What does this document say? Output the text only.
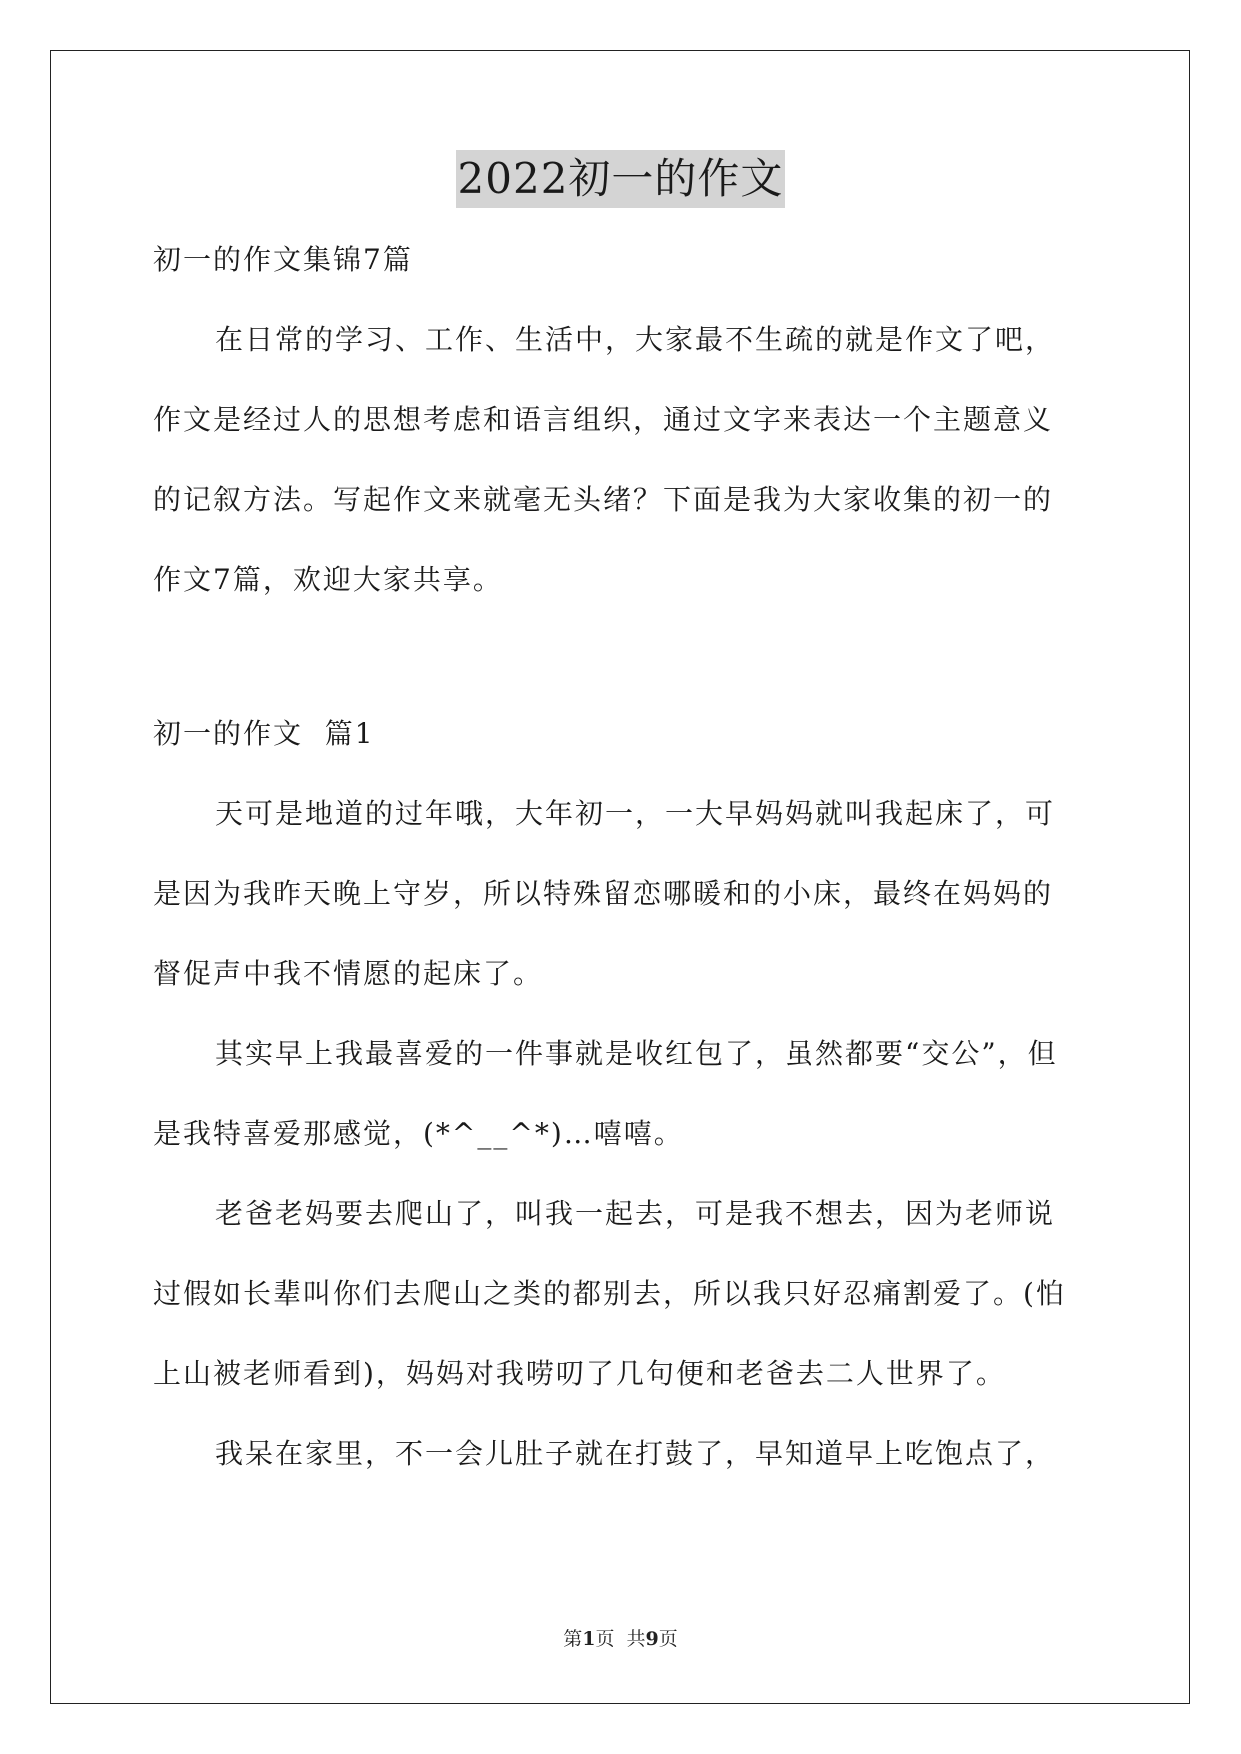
2022初一的作文
初一的作文集锦7篇
在日常的学习、工作、生活中，大家最不生疏的就是作文了吧，
作文是经过人的思想考虑和语言组织，通过文字来表达一个主题意义
的记叙方法。写起作文来就毫无头绪？下面是我为大家收集的初一的
作文7篇，欢迎大家共享。
初一的作文  篇1
天可是地道的过年哦，大年初一，一大早妈妈就叫我起床了，可
是因为我昨天晚上守岁，所以特殊留恋哪暖和的小床，最终在妈妈的
督促声中我不情愿的起床了。
其实早上我最喜爱的一件事就是收红包了，虽然都要“交公”，但
是我特喜爱那感觉，(*^__^*)…嘻嘻。
老爸老妈要去爬山了，叫我一起去，可是我不想去，因为老师说
过假如长辈叫你们去爬山之类的都别去，所以我只好忍痛割爱了。(怕
上山被老师看到)，妈妈对我唠叨了几句便和老爸去二人世界了。
我呆在家里，不一会儿肚子就在打鼓了，早知道早上吃饱点了，
第1页  共9页
